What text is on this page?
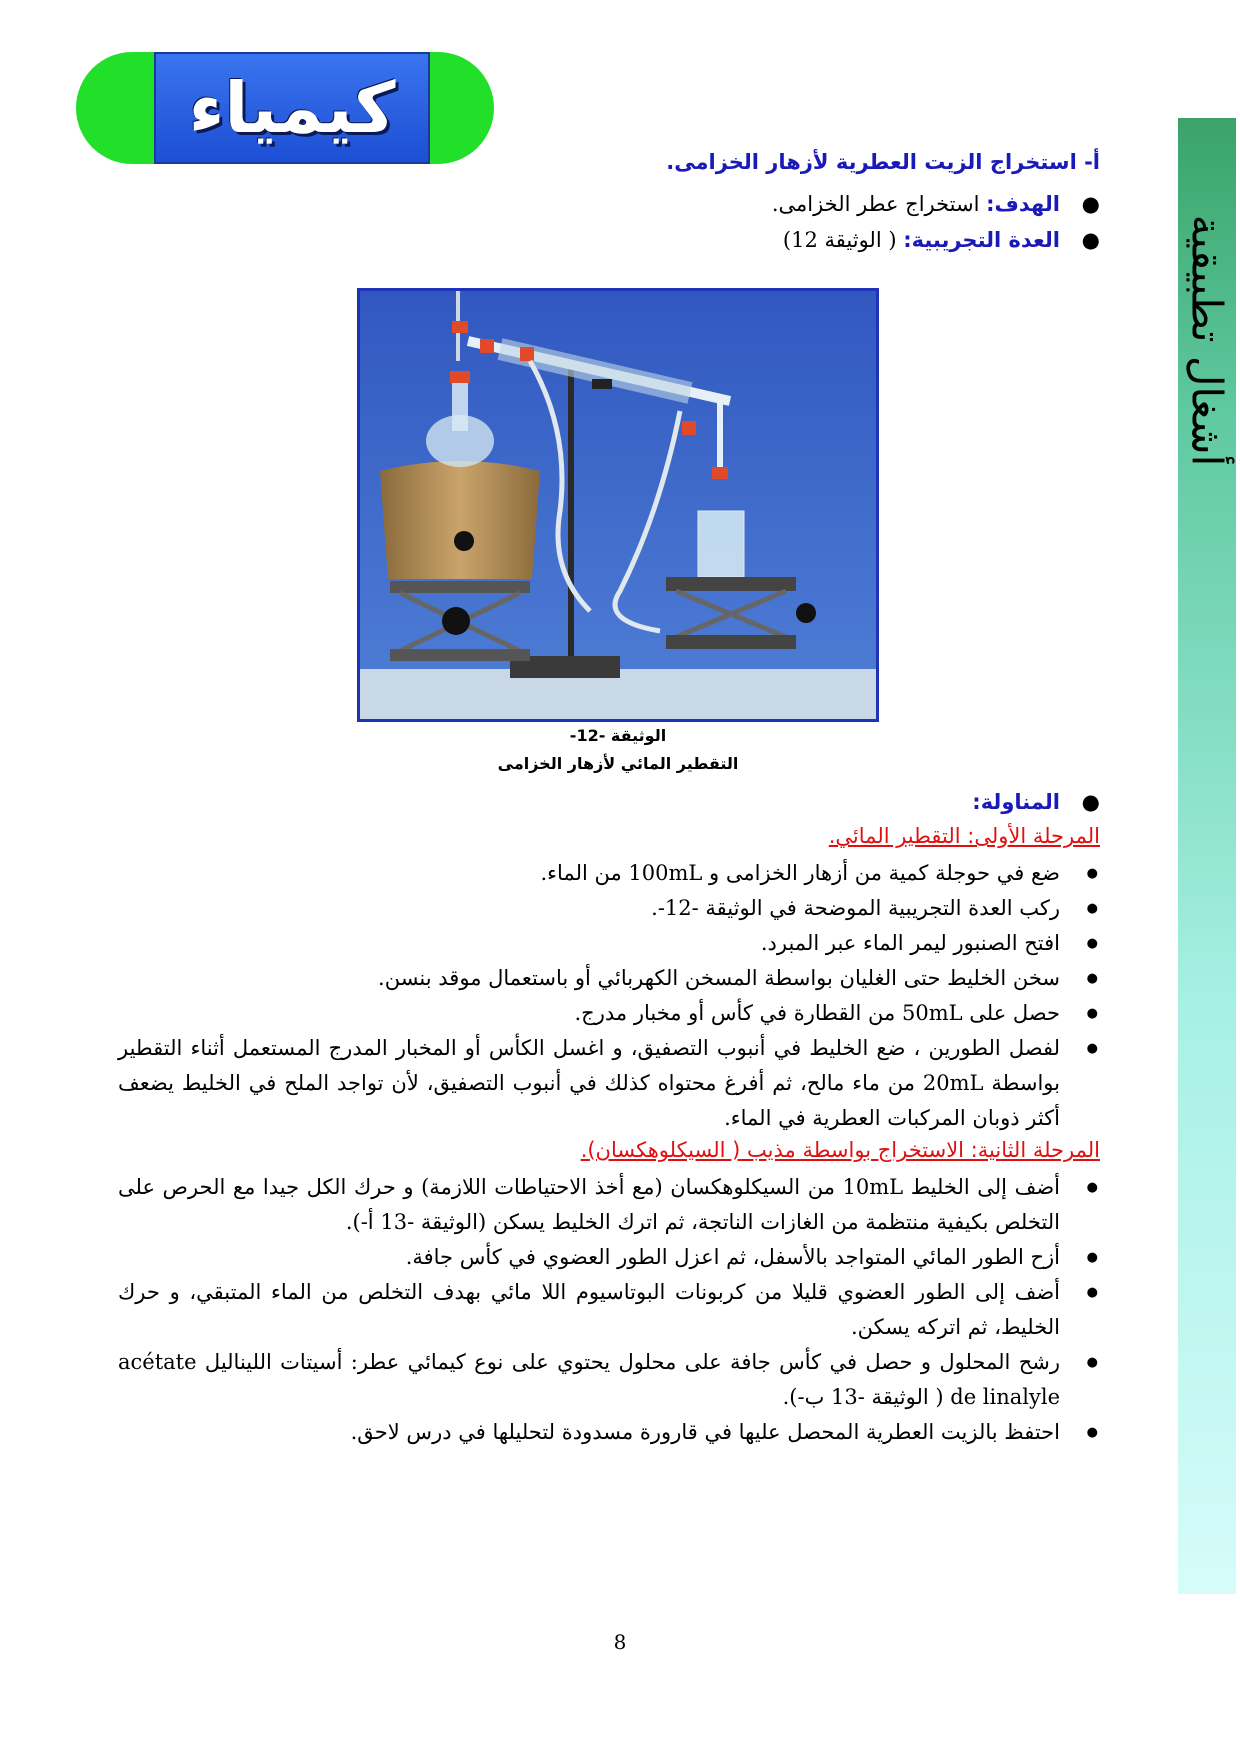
كيمياء
أشغال تطبيقية
أ- استخراج الزيت العطرية لأزهار الخزامى.
●
الهدف: استخراج عطر الخزامى.
●
العدة التجريبية: ( الوثيقة 12)
الوثيقة -12-
التقطير المائي لأزهار الخزامى
●
المناولة:
المرحلة الأولى: التقطير المائي.
● ضع في حوجلة كمية من أزهار الخزامى و 100mL من الماء.
● ركب العدة التجريبية الموضحة في الوثيقة -12-.
● افتح الصنبور ليمر الماء عبر المبرد.
● سخن الخليط حتى الغليان بواسطة المسخن الكهربائي أو باستعمال موقد بنسن.
● حصل على 50mL من القطارة في كأس أو مخبار مدرج.
● لفصل الطورين ، ضع الخليط في أنبوب التصفيق، و اغسل الكأس أو المخبار المدرج المستعمل أثناء التقطير بواسطة 20mL من ماء مالح، ثم أفرغ محتواه كذلك في أنبوب التصفيق، لأن تواجد الملح في الخليط يضعف أكثر ذوبان المركبات العطرية في الماء.
المرحلة الثانية: الاستخراج بواسطة مذيب ( السيكلوهكسان).
● أضف إلى الخليط 10mL من السيكلوهكسان (مع أخذ الاحتياطات اللازمة) و حرك الكل جيدا مع الحرص على التخلص بكيفية منتظمة من الغازات الناتجة، ثم اترك الخليط يسكن (الوثيقة -13 أ-).
● أزح الطور المائي المتواجد بالأسفل، ثم اعزل الطور العضوي في كأس جافة.
● أضف إلى الطور العضوي قليلا من كربونات البوتاسيوم اللا مائي بهدف التخلص من الماء المتبقي، و حرك الخليط، ثم اتركه يسكن.
● رشح المحلول و حصل في كأس جافة على محلول يحتوي على نوع كيمائي عطر: أسيتات الليناليل acétate de linalyle ( الوثيقة -13 ب-).
● احتفظ بالزيت العطرية المحصل عليها في قارورة مسدودة لتحليلها في درس لاحق.
8
